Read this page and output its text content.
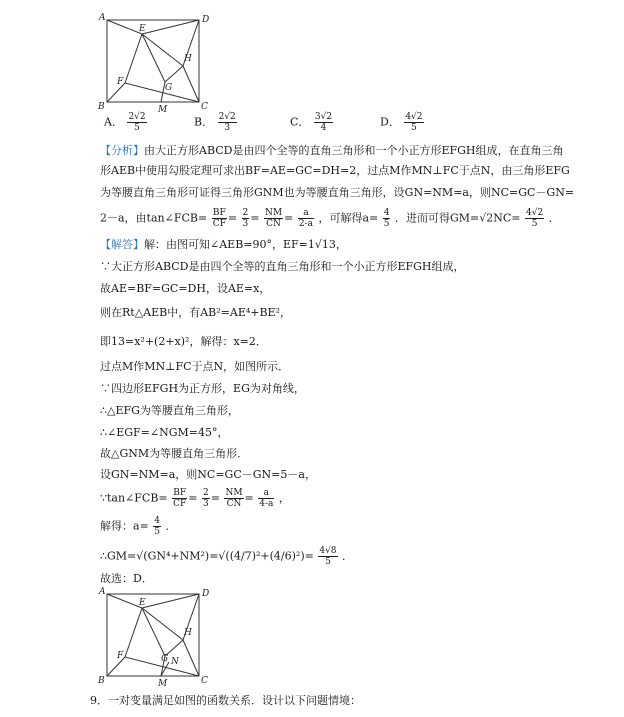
A	D
B	C
E
H
F
G
M
A． $\frac{2√2}{5}$	B． $\frac{2√2}{3}$	C． $\frac{3√2}{4}$	D． $\frac{4√2}{5}$
【分析】由大正方形ABCD是由四个全等的直角三角形和一个小正方形EFGH组成，在直角三角
形AEB中使用勾股定理可求出BF=AE=GC=DH=2，过点M作MN⊥FC于点N，由三角形EFG
为等腰直角三角形可证得三角形GNM也为等腰直角三角形，设GN=NM=a，则NC=GC－GN=
2－a，由tan∠FCB= $\frac{BF}{CF} = \frac{2}{3} = \frac{NM}{CN} = \frac{a}{2-a}$ ，可解得$a= \frac{4}{5}$ ．进而可得$GM=√2NC= \frac{4√2}{5}$ ．
【解答】解：由图可知∠AEB=90°，EF=1√13，
∵大正方形ABCD是由四个全等的直角三角形和一个小正方形EFGH组成，
故AE=BF=GC=DH，设AE=x，
则在Rt△AEB中，有AB²=AE⁴+BE²，
即13=x²+(2+x)²，解得：x=2．
过点M作MN⊥FC于点N，如图所示．
∵四边形EFGH为正方形，EG为对角线，
∴△EFG为等腰直角三角形，
∴∠EGF=∠NGM=45°，
故△GNM为等腰直角三角形．
设GN=NM=a，则NC=GC－GN=5－a，
∵tan∠FCB= $\frac{BF}{CF} = \frac{2}{3} = \frac{NM}{CN} = \frac{a}{4-a}$ ，
解得：$a= \frac{4}{5}$ ．
∴GM=√(GN⁴+NM²)=√((4/7)²+(4/6)²)= $\frac{4√8}{5}$ ．
故选：D．
A	D
B	C
E
H
F	G N
M
9．一对变量满足如图的函数关系．设计以下问题情境：
